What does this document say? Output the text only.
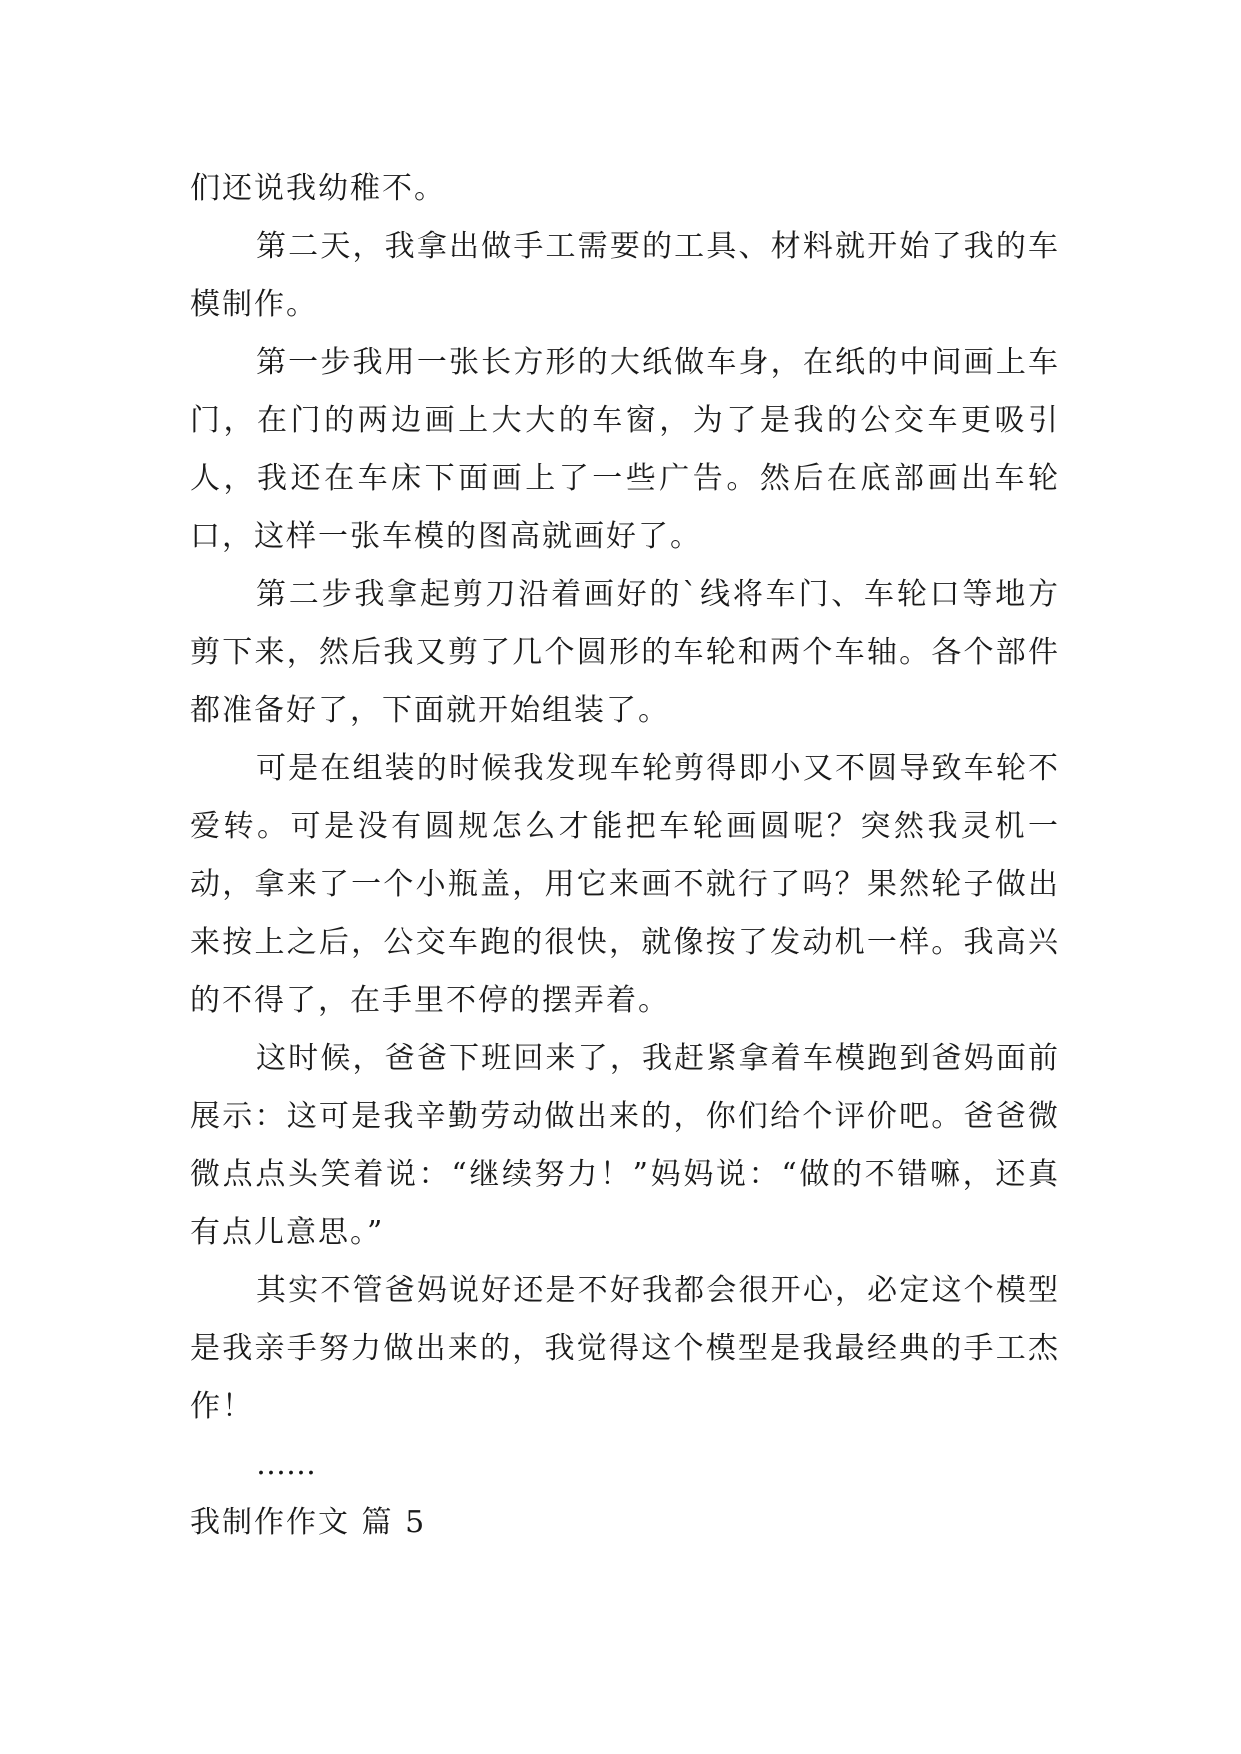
们还说我幼稚不。

第二天，我拿出做手工需要的工具、材料就开始了我的车模制作。

第一步我用一张长方形的大纸做车身，在纸的中间画上车门，在门的两边画上大大的车窗，为了是我的公交车更吸引人，我还在车床下面画上了一些广告。然后在底部画出车轮口，这样一张车模的图高就画好了。

第二步我拿起剪刀沿着画好的`线将车门、车轮口等地方剪下来，然后我又剪了几个圆形的车轮和两个车轴。各个部件都准备好了，下面就开始组装了。

可是在组装的时候我发现车轮剪得即小又不圆导致车轮不爱转。可是没有圆规怎么才能把车轮画圆呢？突然我灵机一动，拿来了一个小瓶盖，用它来画不就行了吗？果然轮子做出来按上之后，公交车跑的很快，就像按了发动机一样。我高兴的不得了，在手里不停的摆弄着。

这时候，爸爸下班回来了，我赶紧拿着车模跑到爸妈面前展示：这可是我辛勤劳动做出来的，你们给个评价吧。爸爸微微点点头笑着说：“继续努力！”妈妈说：“做的不错嘛，还真有点儿意思。”

其实不管爸妈说好还是不好我都会很开心，必定这个模型是我亲手努力做出来的，我觉得这个模型是我最经典的手工杰作！

……

我制作作文 篇 5
